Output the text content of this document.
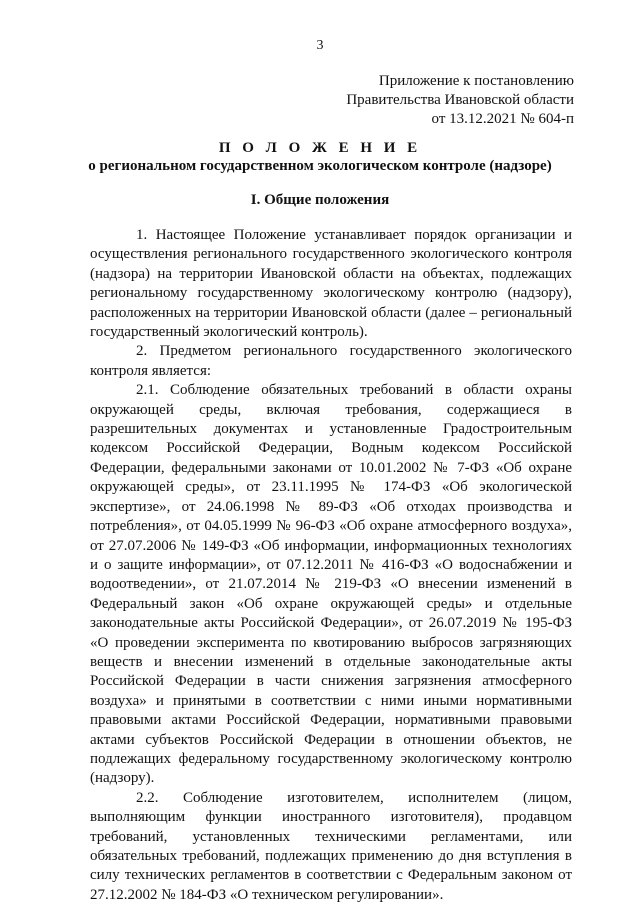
3
Приложение к постановлению
Правительства Ивановской области
от 13.12.2021 № 604-п
П О Л О Ж Е Н И Е
о региональном государственном экологическом контроле (надзоре)
I. Общие положения

1. Настоящее Положение устанавливает порядок организации и осуществления регионального государственного экологического контроля (надзора) на территории Ивановской области на объектах, подлежащих региональному государственному экологическому контролю (надзору), расположенных на территории Ивановской области (далее – региональный государственный экологический контроль).

2. Предметом регионального государственного экологического контроля является:

2.1. Соблюдение обязательных требований в области охраны окружающей среды, включая требования, содержащиеся в разрешительных документах и установленные Градостроительным кодексом Российской Федерации, Водным кодексом Российской Федерации, федеральными законами от 10.01.2002 № 7-ФЗ «Об охране окружающей среды», от 23.11.1995 № 174-ФЗ «Об экологической экспертизе», от 24.06.1998 № 89-ФЗ «Об отходах производства и потребления», от 04.05.1999 № 96-ФЗ «Об охране атмосферного воздуха», от 27.07.2006 № 149-ФЗ «Об информации, информационных технологиях и о защите информации», от 07.12.2011 № 416-ФЗ «О водоснабжении и водоотведении», от 21.07.2014 № 219-ФЗ «О внесении изменений в Федеральный закон «Об охране окружающей среды» и отдельные законодательные акты Российской Федерации», от 26.07.2019 № 195-ФЗ «О проведении эксперимента по квотированию выбросов загрязняющих веществ и внесении изменений в отдельные законодательные акты Российской Федерации в части снижения загрязнения атмосферного воздуха» и принятыми в соответствии с ними иными нормативными правовыми актами Российской Федерации, нормативными правовыми актами субъектов Российской Федерации в отношении объектов, не подлежащих федеральному государственному экологическому контролю (надзору).

2.2. Соблюдение изготовителем, исполнителем (лицом, выполняющим функции иностранного изготовителя), продавцом требований, установленных техническими регламентами, или обязательных требований, подлежащих применению до дня вступления в силу технических регламентов в соответствии с Федеральным законом от 27.12.2002 № 184-ФЗ «О техническом регулировании».
